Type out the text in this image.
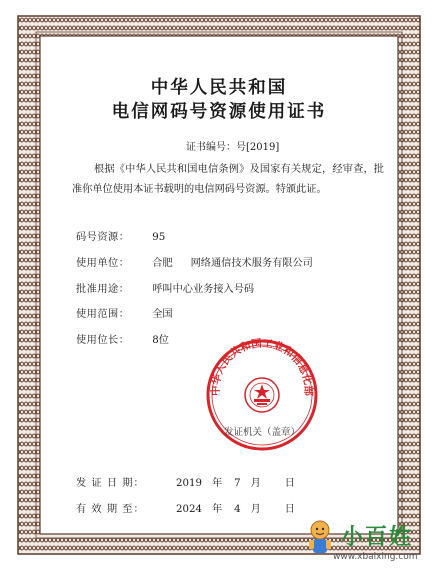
中华人民共和国
电信网码号资源使用证书
证书编号：号[2019]
根据《中华人民共和国电信条例》及国家有关规定，经审查，批准你单位使用本证书载明的电信网码号资源。特颁此证。
码号资源： 95
使用单位： 合肥 网络通信技术服务有限公司
批准用途： 呼叫中心业务接入号码
使用范围： 全国
使用位长： 8位
中华人民共和国工业和信息化部
发证机关（盖章）
发 证 日 期：	2019 年 7 月 日
有 效 期 至：	2024 年 4 月 日
小百姓
www.xbaixing.com
